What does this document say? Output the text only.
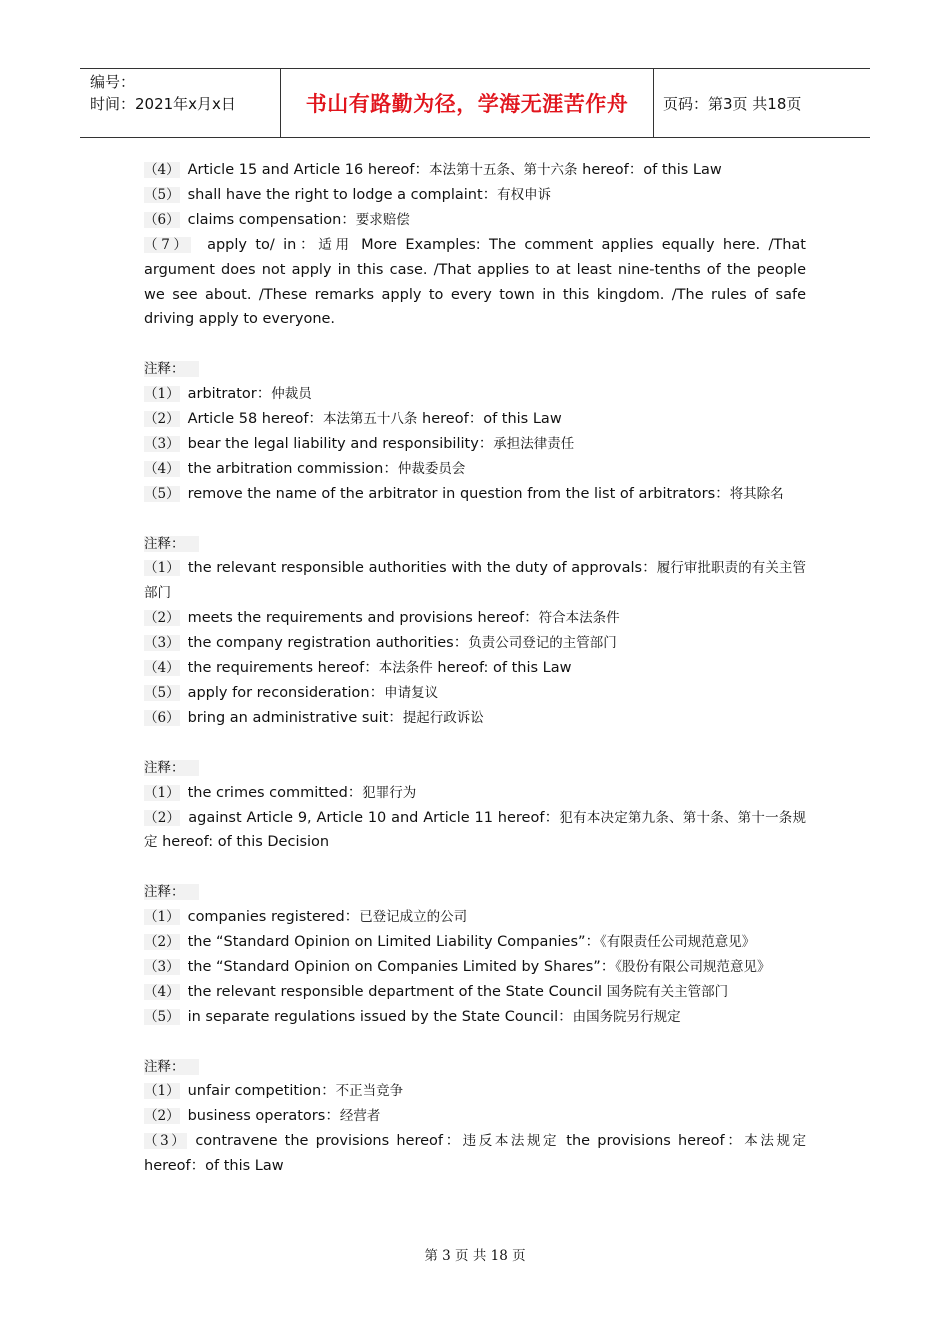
编号：
时间：2021年x月x日	书山有路勤为径，学海无涯苦作舟	页码：第3页 共18页
（4） Article 15 and Article 16 hereof：本法第十五条、第十六条 hereof：of this Law
（5） shall have the right to lodge a complaint：有权申诉
（6） claims compensation：要求赔偿
（7） apply to/ in：适用 More Examples: The comment applies equally here. /That argument does not apply in this case. /That applies to at least nine-tenths of the people we see about. /These remarks apply to every town in this kingdom. /The rules of safe driving apply to everyone.
注释：
（1） arbitrator：仲裁员
（2） Article 58 hereof：本法第五十八条 hereof：of this Law
（3） bear the legal liability and responsibility：承担法律责任
（4） the arbitration commission：仲裁委员会
（5） remove the name of the arbitrator in question from the list of arbitrators：将其除名
注释：
（1） the relevant responsible authorities with the duty of approvals：履行审批职责的有关主管部门
（2） meets the requirements and provisions hereof：符合本法条件
（3） the company registration authorities：负责公司登记的主管部门
（4） the requirements hereof：本法条件 hereof: of this Law
（5） apply for reconsideration：申请复议
（6） bring an administrative suit：提起行政诉讼
注释：
（1） the crimes committed：犯罪行为
（2） against Article 9, Article 10 and Article 11 hereof：犯有本决定第九条、第十条、第十一条规定 hereof: of this Decision
注释：
（1） companies registered：已登记成立的公司
（2） the “Standard Opinion on Limited Liability Companies”：《有限责任公司规范意见》
（3） the “Standard Opinion on Companies Limited by Shares”：《股份有限公司规范意见》
（4） the relevant responsible department of the State Council 国务院有关主管部门
（5） in separate regulations issued by the State Council：由国务院另行规定
注释：
（1） unfair competition：不正当竞争
（2） business operators：经营者
（3） contravene the provisions hereof：违反本法规定 the provisions hereof：本法规定 hereof：of this Law
第 3 页 共 18 页
